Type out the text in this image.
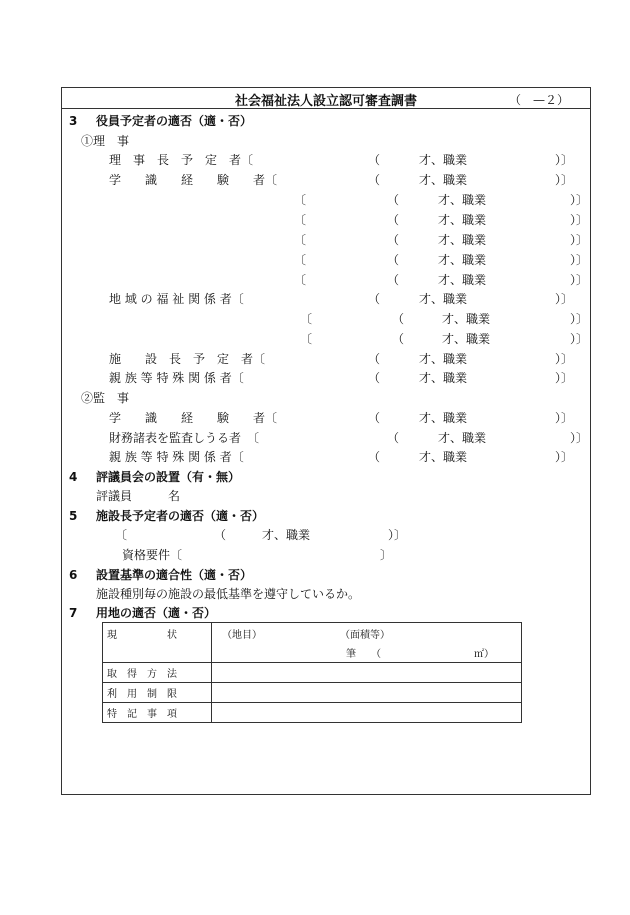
社会福祉法人設立認可審査調書	（　—２）
3 役員予定者の適否（適・否）
①理　事
理　事　長　予　定　者〔	（	才、職業	）〕
学　　識　　経　　験　　者〔	（	才、職業	）〕
〔	（	才、職業	）〕
〔	（	才、職業	）〕
〔	（	才、職業	）〕
〔	（	才、職業	）〕
〔	（	才、職業	）〕
地 域 の 福 祉 関 係 者〔	（	才、職業	）〕
〔	（	才、職業	）〕
〔	（	才、職業	）〕
施　　設　長　予　定　者〔	（	才、職業	）〕
親 族 等 特 殊 関 係 者〔	（	才、職業	）〕
②監　事
学　　識　　経　　験　　者〔	（	才、職業	）〕
財務諸表を監査しうる者　〔	（	才、職業	）〕
親 族 等 特 殊 関 係 者〔	（	才、職業	）〕
4 評議員会の設置（有・無）
評議員　　　名
5 施設長予定者の適否（適・否）
〔	（	才、職業	）〕
資格要件〔	〕
6 設置基準の適合性（適・否）
施設種別毎の施設の最低基準を遵守しているか。
7 用地の適否（適・否）
現　　　　　状	（地目） （面積等）
筆　　（ ㎡）

取　得　方　法	
利　用　制　限	
特　記　事　項	
